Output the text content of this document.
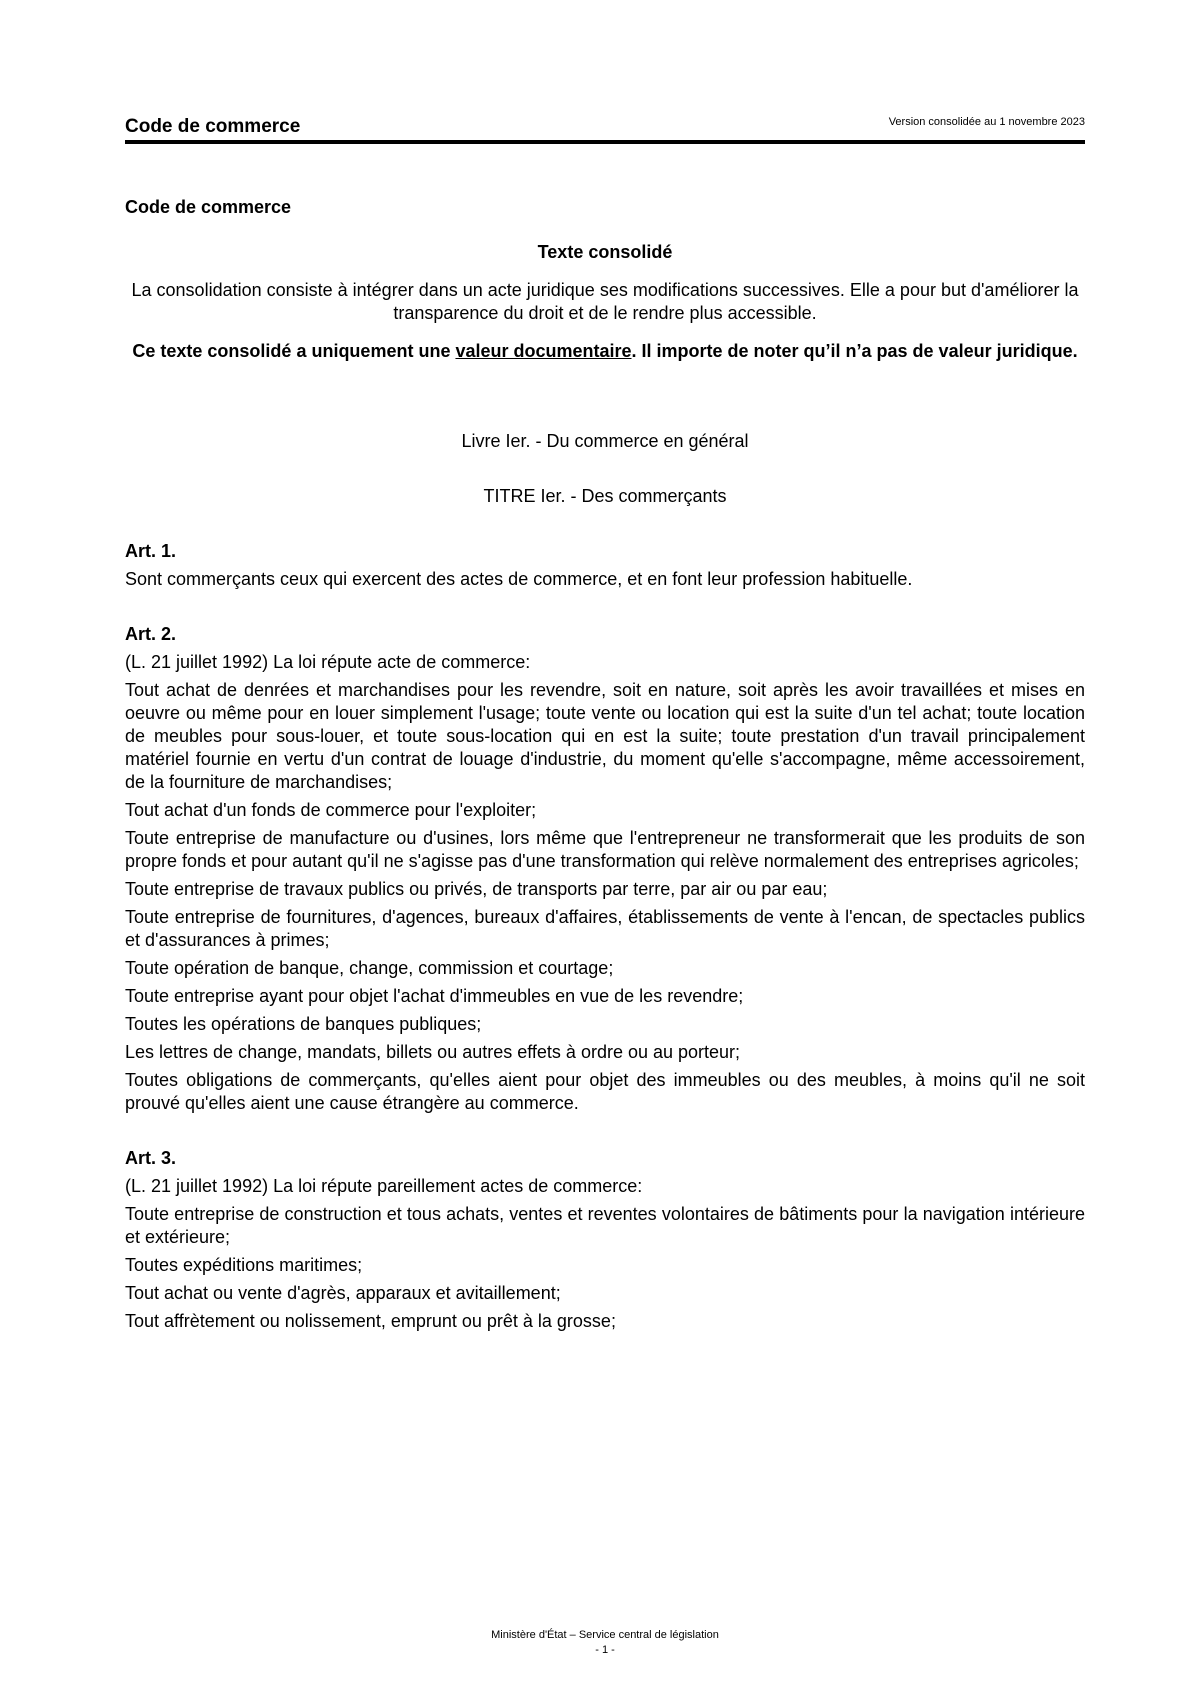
Code de commerce	Version consolidée au 1 novembre 2023
Code de commerce
Texte consolidé
La consolidation consiste à intégrer dans un acte juridique ses modifications successives. Elle a pour but d'améliorer la transparence du droit et de le rendre plus accessible.
Ce texte consolidé a uniquement une valeur documentaire. Il importe de noter qu’il n’a pas de valeur juridique.
Livre Ier. - Du commerce en général
TITRE Ier. - Des commerçants
Art. 1.
Sont commerçants ceux qui exercent des actes de commerce, et en font leur profession habituelle.
Art. 2.
(L. 21 juillet 1992) La loi répute acte de commerce:
Tout achat de denrées et marchandises pour les revendre, soit en nature, soit après les avoir travaillées et mises en oeuvre ou même pour en louer simplement l'usage; toute vente ou location qui est la suite d'un tel achat; toute location de meubles pour sous-louer, et toute sous-location qui en est la suite; toute prestation d'un travail principalement matériel fournie en vertu d'un contrat de louage d'industrie, du moment qu'elle s'accompagne, même accessoirement, de la fourniture de marchandises;
Tout achat d'un fonds de commerce pour l'exploiter;
Toute entreprise de manufacture ou d'usines, lors même que l'entrepreneur ne transformerait que les produits de son propre fonds et pour autant qu'il ne s'agisse pas d'une transformation qui relève normalement des entreprises agricoles;
Toute entreprise de travaux publics ou privés, de transports par terre, par air ou par eau;
Toute entreprise de fournitures, d'agences, bureaux d'affaires, établissements de vente à l'encan, de spectacles publics et d'assurances à primes;
Toute opération de banque, change, commission et courtage;
Toute entreprise ayant pour objet l'achat d'immeubles en vue de les revendre;
Toutes les opérations de banques publiques;
Les lettres de change, mandats, billets ou autres effets à ordre ou au porteur;
Toutes obligations de commerçants, qu'elles aient pour objet des immeubles ou des meubles, à moins qu'il ne soit prouvé qu'elles aient une cause étrangère au commerce.
Art. 3.
(L. 21 juillet 1992) La loi répute pareillement actes de commerce:
Toute entreprise de construction et tous achats, ventes et reventes volontaires de bâtiments pour la navigation intérieure et extérieure;
Toutes expéditions maritimes;
Tout achat ou vente d'agrès, apparaux et avitaillement;
Tout affrètement ou nolissement, emprunt ou prêt à la grosse;
Ministère d'État – Service central de législation
- 1 -
